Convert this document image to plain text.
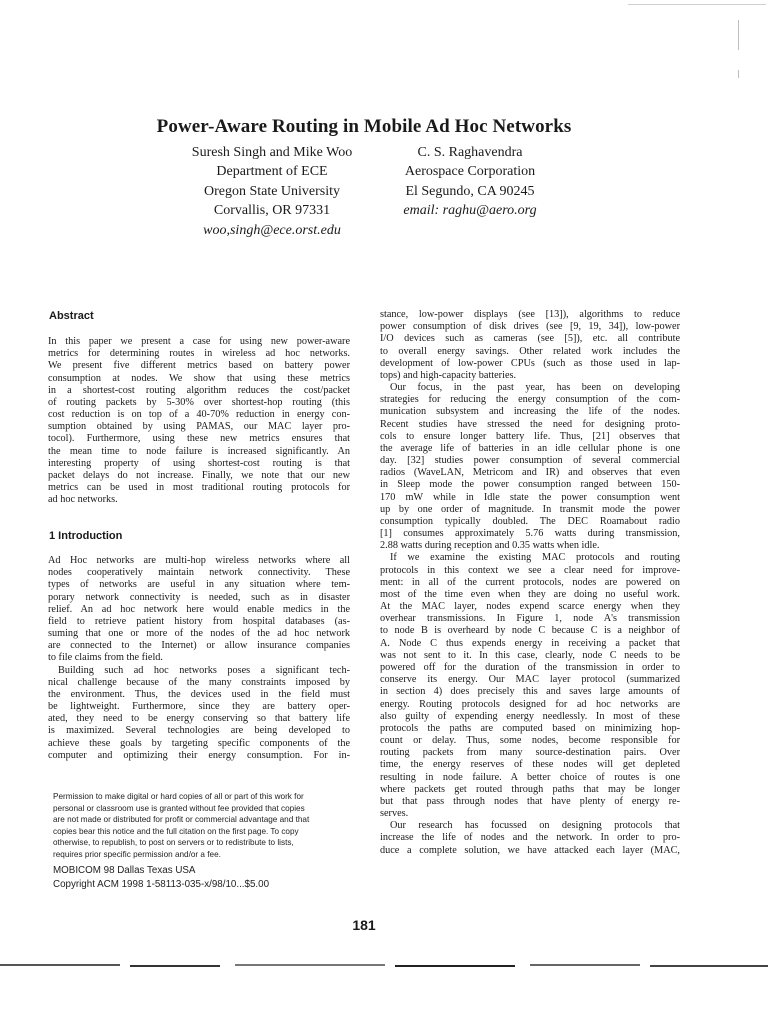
Power-Aware Routing in Mobile Ad Hoc Networks
Suresh Singh and Mike Woo
Department of ECE
Oregon State University
Corvallis, OR 97331
woo,singh@ece.orst.edu
C. S. Raghavendra
Aerospace Corporation
El Segundo, CA 90245
email: raghu@aero.org
Abstract
In this paper we present a case for using new power-aware
metrics for determining routes in wireless ad hoc networks.
We present five different metrics based on battery power
consumption at nodes. We show that using these metrics
in a shortest-cost routing algorithm reduces the cost/packet
of routing packets by 5-30% over shortest-hop routing (this
cost reduction is on top of a 40-70% reduction in energy con-
sumption obtained by using PAMAS, our MAC layer pro-
tocol). Furthermore, using these new metrics ensures that
the mean time to node failure is increased significantly. An
interesting property of using shortest-cost routing is that
packet delays do not increase. Finally, we note that our new
metrics can be used in most traditional routing protocols for
ad hoc networks.
1 Introduction
Ad Hoc networks are multi-hop wireless networks where all
nodes cooperatively maintain network connectivity. These
types of networks are useful in any situation where tem-
porary network connectivity is needed, such as in disaster
relief. An ad hoc network here would enable medics in the
field to retrieve patient history from hospital databases (as-
suming that one or more of the nodes of the ad hoc network
are connected to the Internet) or allow insurance companies
to file claims from the field.
Building such ad hoc networks poses a significant tech-
nical challenge because of the many constraints imposed by
the environment. Thus, the devices used in the field must
be lightweight. Furthermore, since they are battery oper-
ated, they need to be energy conserving so that battery life
is maximized. Several technologies are being developed to
achieve these goals by targeting specific components of the
computer and optimizing their energy consumption. For in-
stance, low-power displays (see [13]), algorithms to reduce
power consumption of disk drives (see [9, 19, 34]), low-power
I/O devices such as cameras (see [5]), etc. all contribute
to overall energy savings. Other related work includes the
development of low-power CPUs (such as those used in lap-
tops) and high-capacity batteries.
Our focus, in the past year, has been on developing
strategies for reducing the energy consumption of the com-
munication subsystem and increasing the life of the nodes.
Recent studies have stressed the need for designing proto-
cols to ensure longer battery life. Thus, [21] observes that
the average life of batteries in an idle cellular phone is one
day. [32] studies power consumption of several commercial
radios (WaveLAN, Metricom and IR) and observes that even
in Sleep mode the power consumption ranged between 150-
170 mW while in Idle state the power consumption went
up by one order of magnitude. In transmit mode the power
consumption typically doubled. The DEC Roamabout radio
[1] consumes approximately 5.76 watts during transmission,
2.88 watts during reception and 0.35 watts when idle.
If we examine the existing MAC protocols and routing
protocols in this context we see a clear need for improve-
ment: in all of the current protocols, nodes are powered on
most of the time even when they are doing no useful work.
At the MAC layer, nodes expend scarce energy when they
overhear transmissions. In Figure 1, node A's transmission
to node B is overheard by node C because C is a neighbor of
A. Node C thus expends energy in receiving a packet that
was not sent to it. In this case, clearly, node C needs to be
powered off for the duration of the transmission in order to
conserve its energy. Our MAC layer protocol (summarized
in section 4) does precisely this and saves large amounts of
energy. Routing protocols designed for ad hoc networks are
also guilty of expending energy needlessly. In most of these
protocols the paths are computed based on minimizing hop-
count or delay. Thus, some nodes, become responsible for
routing packets from many source-destination pairs. Over
time, the energy reserves of these nodes will get depleted
resulting in node failure. A better choice of routes is one
where packets get routed through paths that may be longer
but that pass through nodes that have plenty of energy re-
serves.
Our research has focussed on designing protocols that
increase the life of nodes and the network. In order to pro-
duce a complete solution, we have attacked each layer (MAC,
Permission to make digital or hard copies of all or part of this work for
personal or classroom use is granted without fee provided that copies
are not made or distributed for profit or commercial advantage and that
copies bear this notice and the full citation on the first page. To copy
otherwise, to republish, to post on servers or to redistribute to lists,
requires prior specific permission and/or a fee.
MOBICOM 98 Dallas Texas USA
Copyright ACM 1998 1-58113-035-x/98/10...$5.00
181
